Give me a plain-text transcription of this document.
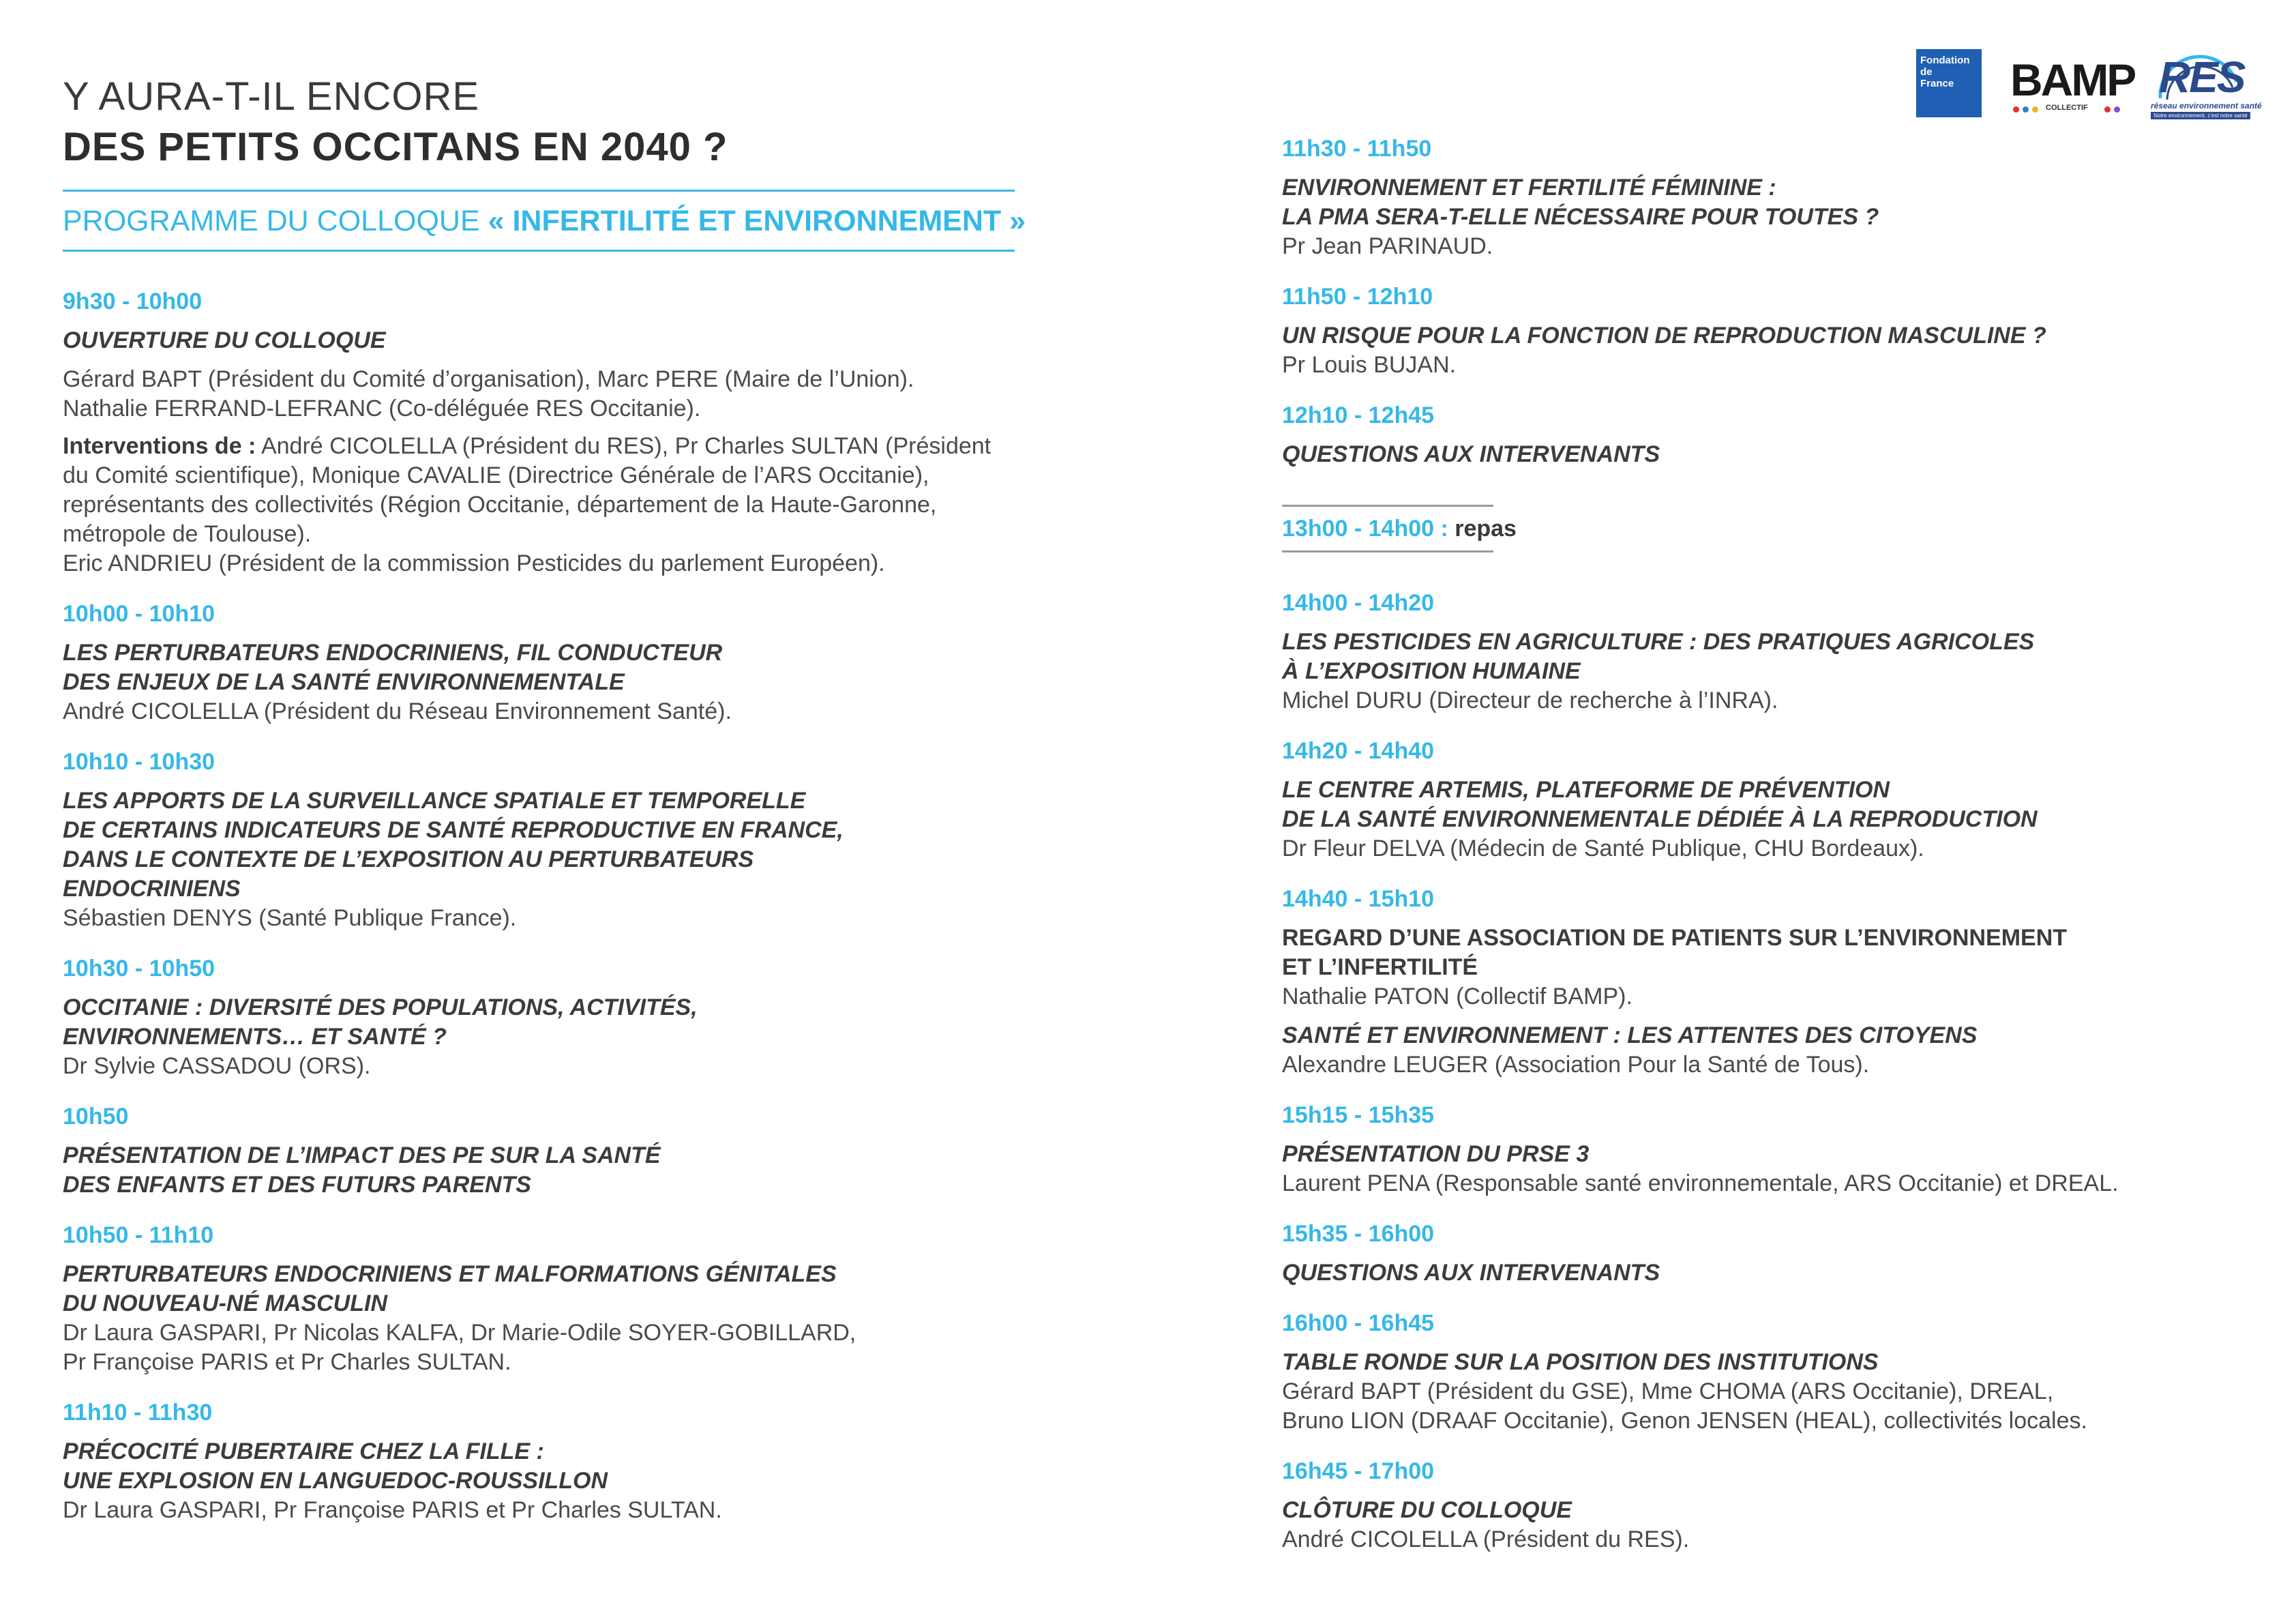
Y AURA-T-IL ENCORE
DES PETITS OCCITANS EN 2040 ?
PROGRAMME DU COLLOQUE « INFERTILITÉ ET ENVIRONNEMENT »
9h30 - 10h00
OUVERTURE DU COLLOQUE
Gérard BAPT (Président du Comité d’organisation), Marc PERE (Maire de l’Union).
Nathalie FERRAND-LEFRANC (Co-déléguée RES Occitanie).
Interventions de : André CICOLELLA (Président du RES), Pr Charles SULTAN (Président
du Comité scientifique), Monique CAVALIE (Directrice Générale de l’ARS Occitanie),
représentants des collectivités (Région Occitanie, département de la Haute-Garonne,
métropole de Toulouse).
Eric ANDRIEU (Président de la commission Pesticides du parlement Européen).
10h00 - 10h10
LES PERTURBATEURS ENDOCRINIENS, FIL CONDUCTEUR
DES ENJEUX DE LA SANTÉ ENVIRONNEMENTALE
André CICOLELLA (Président du Réseau Environnement Santé).
10h10 - 10h30
LES APPORTS DE LA SURVEILLANCE SPATIALE ET TEMPORELLE
DE CERTAINS INDICATEURS DE SANTÉ REPRODUCTIVE EN FRANCE,
DANS LE CONTEXTE DE L’EXPOSITION AU PERTURBATEURS
ENDOCRINIENS
Sébastien DENYS (Santé Publique France).
10h30 - 10h50
OCCITANIE : DIVERSITÉ DES POPULATIONS, ACTIVITÉS,
ENVIRONNEMENTS… ET SANTÉ ?
Dr Sylvie CASSADOU (ORS).
10h50
PRÉSENTATION DE L’IMPACT DES PE SUR LA SANTÉ
DES ENFANTS ET DES FUTURS PARENTS
10h50 - 11h10
PERTURBATEURS ENDOCRINIENS ET MALFORMATIONS GÉNITALES
DU NOUVEAU-NÉ MASCULIN
Dr Laura GASPARI, Pr Nicolas KALFA, Dr Marie-Odile SOYER-GOBILLARD,
Pr Françoise PARIS et Pr Charles SULTAN.
11h10 - 11h30
PRÉCOCITÉ PUBERTAIRE CHEZ LA FILLE :
UNE EXPLOSION EN LANGUEDOC-ROUSSILLON
Dr Laura GASPARI, Pr Françoise PARIS et Pr Charles SULTAN.
11h30 - 11h50
ENVIRONNEMENT ET FERTILITÉ FÉMININE :
LA PMA SERA-T-ELLE NÉCESSAIRE POUR TOUTES ?
Pr Jean PARINAUD.
11h50 - 12h10
UN RISQUE POUR LA FONCTION DE REPRODUCTION MASCULINE ?
Pr Louis BUJAN.
12h10 - 12h45
QUESTIONS AUX INTERVENANTS
13h00 - 14h00 : repas
14h00 - 14h20
LES PESTICIDES EN AGRICULTURE : DES PRATIQUES AGRICOLES
À L’EXPOSITION HUMAINE
Michel DURU (Directeur de recherche à l’INRA).
14h20 - 14h40
LE CENTRE ARTEMIS, PLATEFORME DE PRÉVENTION
DE LA SANTÉ ENVIRONNEMENTALE DÉDIÉE À LA REPRODUCTION
Dr Fleur DELVA (Médecin de Santé Publique, CHU Bordeaux).
14h40 - 15h10
REGARD D’UNE ASSOCIATION DE PATIENTS SUR L’ENVIRONNEMENT
ET L’INFERTILITÉ
Nathalie PATON (Collectif BAMP).
SANTÉ ET ENVIRONNEMENT : LES ATTENTES DES CITOYENS
Alexandre LEUGER (Association Pour la Santé de Tous).
15h15 - 15h35
PRÉSENTATION DU PRSE 3
Laurent PENA (Responsable santé environnementale, ARS Occitanie) et DREAL.
15h35 - 16h00
QUESTIONS AUX INTERVENANTS
16h00 - 16h45
TABLE RONDE SUR LA POSITION DES INSTITUTIONS
Gérard BAPT (Président du GSE), Mme CHOMA (ARS Occitanie), DREAL,
Bruno LION (DRAAF Occitanie), Genon JENSEN (HEAL), collectivités locales.
16h45 - 17h00
CLÔTURE DU COLLOQUE
André CICOLELLA (Président du RES).
Fondation
de
France	BAMP
COLLECTIF
RES
réseau environnement santé
Notre environnement, c'est notre santé
